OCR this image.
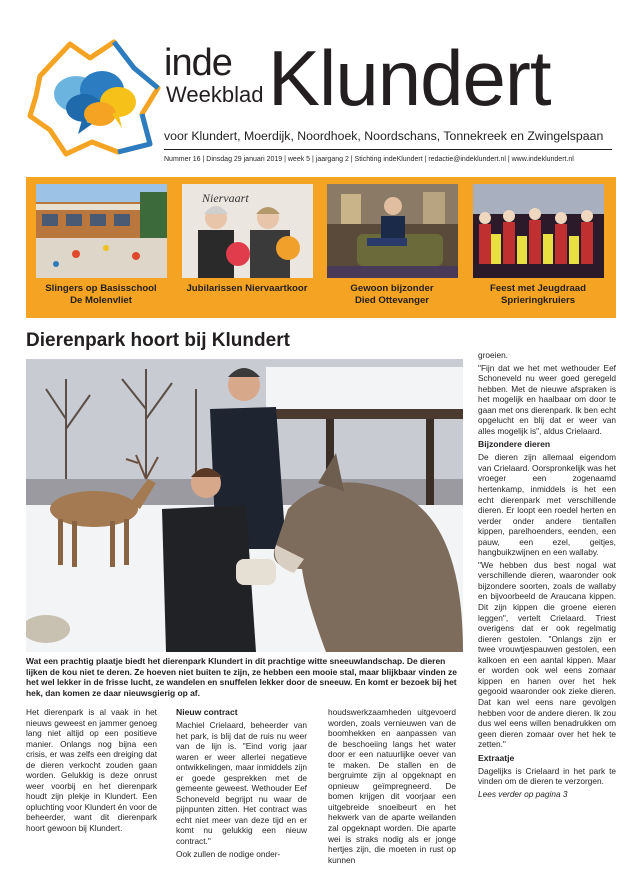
inde
Weekblad Klundert
voor Klundert, Moerdijk, Noordhoek, Noordschans, Tonnekreek en Zwingelspaan
Nummer 16 | Dinsdag 29 januari 2019 | week 5 | jaargang 2 | Stichting indeKlundert | redactie@indeklundert.nl | www.indeklundert.nl
Slingers op Basisschool
De Molenvliet
Niervaart
Jubilarissen Niervaartkoor	Gewoon bijzonder
Died Ottevanger
Feest met Jeugdraad
Sprieringkruiers
Dierenpark hoort bij Klundert
Wat een prachtig plaatje biedt het dierenpark Klundert in dit prachtige witte sneeuwlandschap. De dieren lijken de kou niet te deren. Ze hoeven niet buiten te zijn, ze hebben een mooie stal, maar blijkbaar vinden ze het wel lekker in de frisse lucht, ze wandelen en snuffelen lekker door de sneeuw. En komt er bezoek bij het hek, dan komen ze daar nieuwsgierig op af.

Het dierenpark is al vaak in het nieuws geweest en jammer genoeg lang niet altijd op een positieve manier. Onlangs nog bijna een crisis, er was zelfs een dreiging dat de dieren verkocht zouden gaan worden. Gelukkig is deze onrust weer voorbij en het dierenpark houdt zijn plekje in Klundert. Een opluchting voor Klundert én voor de beheerder, want dit dierenpark hoort gewoon bij Klundert.

Nieuw contract

Machiel Crielaard, beheerder van het park, is blij dat de ruis nu weer van de lijn is. "Eind vorig jaar waren er weer allerlei negatieve ontwikkelingen, maar inmiddels zijn er goede gesprekken met de gemeente geweest. Wethouder Eef Schoneveld begrijpt nu waar de pijnpunten zitten. Het contract was echt niet meer van deze tijd en er komt nu gelukkig een nieuw contract."

Ook zullen de nodige onder-

houdswerkzaamheden uitgevoerd worden, zoals vernieuwen van de boomhekken en aanpassen van de beschoeiing langs het water door er een natuurlijke oever van te maken. De stallen en de bergruimte zijn al opgeknapt en opnieuw geïmpregneerd. De bomen krijgen dit voorjaar een uitgebreide snoeibeurt en het hekwerk van de aparte weilanden zal opgeknapt worden. Die aparte wei is straks nodig als er jonge hertjes zijn, die moeten in rust op kunnen

groeien.

"Fijn dat we het met wethouder Eef Schoneveld nu weer goed geregeld hebben. Met de nieuwe afspraken is het mogelijk en haalbaar om door te gaan met ons dierenpark. Ik ben echt opgelucht en blij dat er weer van alles mogelijk is", aldus Crielaard.

Bijzondere dieren

De dieren zijn allemaal eigendom van Crielaard. Oorspronkelijk was het vroeger een zogenaamd hertenkamp, inmiddels is het een echt dierenpark met verschillende dieren. Er loopt een roedel herten en verder onder andere tientallen kippen, parelhoenders, eenden, een pauw, een ezel, geitjes, hangbuikzwijnen en een wallaby.

"We hebben dus best nogal wat verschillende dieren, waaronder ook bijzondere soorten, zoals de wallaby en bijvoorbeeld de Araucana kippen. Dit zijn kippen die groene eieren leggen", vertelt Crielaard. Triest overigens dat er ook regelmatig dieren gestolen. "Onlangs zijn er twee vrouwtjespauwen gestolen, een kalkoen en een aantal kippen. Maar er worden ook wel eens zomaar kippen en hanen over het hek gegooid waaronder ook zieke dieren. Dat kan wel eens nare gevolgen hebben voor de andere dieren. Ik zou dus wel eens willen benadrukken om geen dieren zomaar over het hek te zetten."

Extraatje

Dagelijks is Crielaard in het park te vinden om de dieren te verzorgen.

Lees verder op pagina 3
